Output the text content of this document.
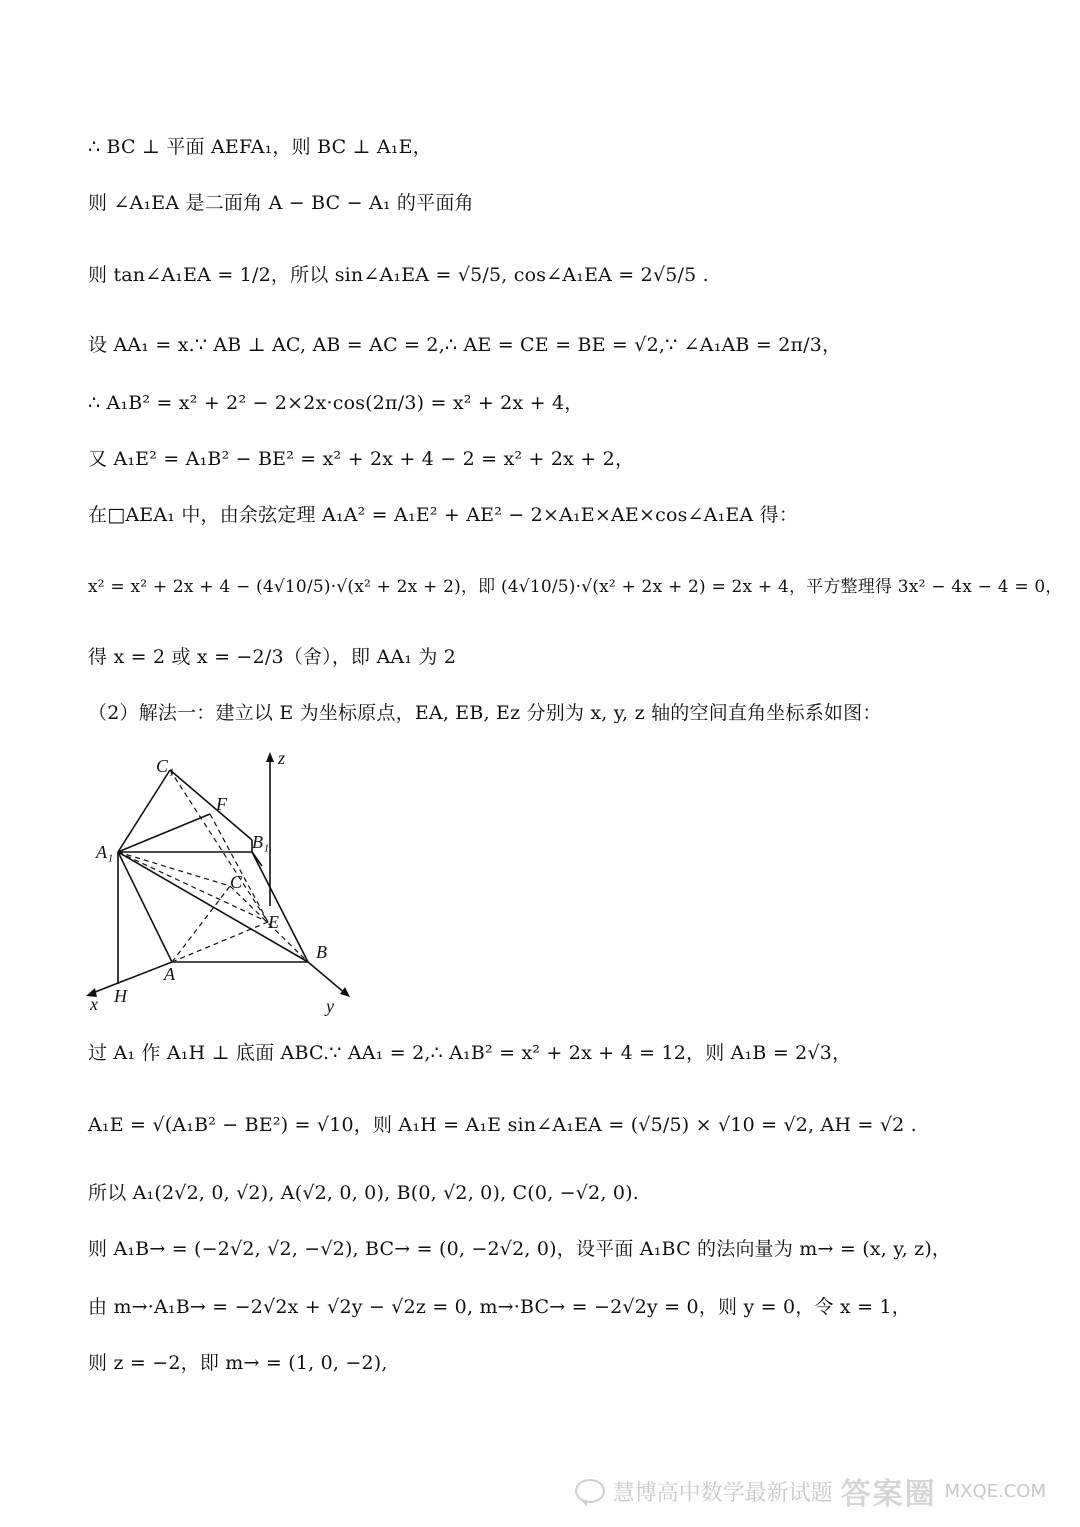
∴ BC ⊥ 平面 AEFA₁，则 BC ⊥ A₁E，
则 ∠A₁EA 是二面角 A − BC − A₁ 的平面角
则 tan∠A₁EA = 1/2，所以 sin∠A₁EA = √5/5, cos∠A₁EA = 2√5/5 .
设 AA₁ = x.∵ AB ⊥ AC, AB = AC = 2,∴ AE = CE = BE = √2,∵ ∠A₁AB = 2π/3，
∴ A₁B² = x² + 2² − 2×2x·cos(2π/3) = x² + 2x + 4，
又 A₁E² = A₁B² − BE² = x² + 2x + 4 − 2 = x² + 2x + 2，
在□AEA₁ 中，由余弦定理 A₁A² = A₁E² + AE² − 2×A₁E×AE×cos∠A₁EA 得：
x² = x² + 2x + 4 − (4√10/5)·√(x² + 2x + 2)，即 (4√10/5)·√(x² + 2x + 2) = 2x + 4，平方整理得 3x² − 4x − 4 = 0，
得 x = 2 或 x = −2/3（舍），即 AA₁ 为 2
（2）解法一：建立以 E 为坐标原点，EA, EB, Ez 分别为 x, y, z 轴的空间直角坐标系如图：
C₁
F
B₁
A₁
C
E
B
A
H
x	y
z
过 A₁ 作 A₁H ⊥ 底面 ABC.∵ AA₁ = 2,∴ A₁B² = x² + 2x + 4 = 12，则 A₁B = 2√3，
A₁E = √(A₁B² − BE²) = √10，则 A₁H = A₁E sin∠A₁EA = (√5/5) × √10 = √2, AH = √2 .
所以 A₁(2√2, 0, √2), A(√2, 0, 0), B(0, √2, 0), C(0, −√2, 0).
则 A₁B→ = (−2√2, √2, −√2), BC→ = (0, −2√2, 0)，设平面 A₁BC 的法向量为 m→ = (x, y, z)，
由 m→·A₁B→ = −2√2x + √2y − √2z = 0, m→·BC→ = −2√2y = 0，则 y = 0，令 x = 1，
则 z = −2，即 m→ = (1, 0, −2),
慧博高中数学最新试题 答案圈 MXQE.COM
